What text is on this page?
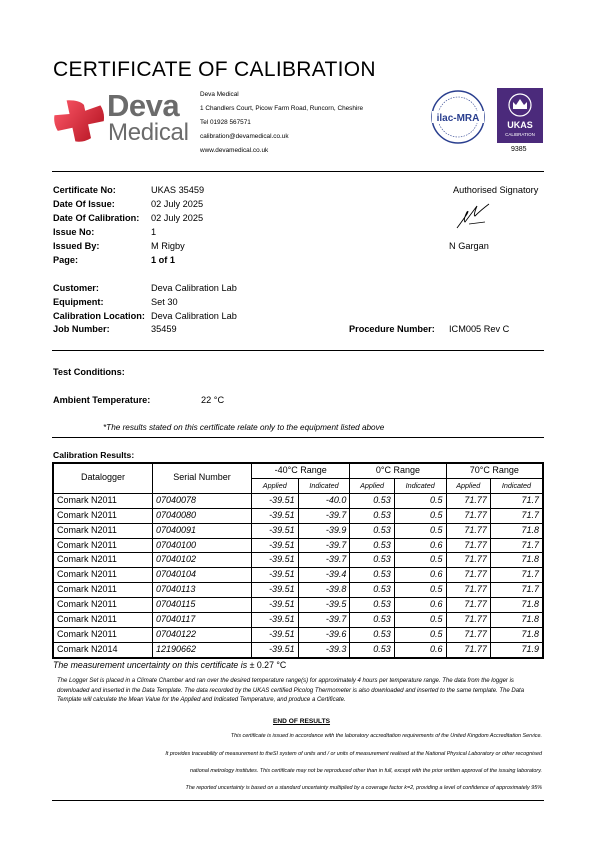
CERTIFICATE OF CALIBRATION
Deva
Medical
Deva Medical
1 Chandlers Court, Picow Farm Road, Runcorn, Cheshire
Tel 01928 567571
calibration@devamedical.co.uk
www.devamedical.co.uk
ilac-MRA
UKAS
CALIBRATION
9385
Certificate No:	UKAS 35459
Date Of Issue:	02 July 2025
Date Of Calibration: 02 July 2025
Issue No:	1
Issued By:	M Rigby
Page:	1 of 1
Authorised Signatory
N Gargan
Customer:	Deva Calibration Lab
Equipment:	Set 30
Calibration Location: Deva Calibration Lab
Job Number:	35459	Procedure Number: ICM005 Rev C
Test Conditions:
Ambient Temperature:	22 °C
*The results stated on this certificate relate only to the equipment listed above
Calibration Results:
Datalogger	Serial Number	-40°C Range		0°C Range		70°C Range	
		Applied	Indicated	Applied	Indicated	Applied	Indicated
Comark N2011	07040078	-39.51	-40.0	0.53	0.5	71.77	71.7
Comark N2011	07040080	-39.51	-39.7	0.53	0.5	71.77	71.7
Comark N2011	07040091	-39.51	-39.9	0.53	0.5	71.77	71.8
Comark N2011	07040100	-39.51	-39.7	0.53	0.6	71.77	71.7
Comark N2011	07040102	-39.51	-39.7	0.53	0.5	71.77	71.8
Comark N2011	07040104	-39.51	-39.4	0.53	0.6	71.77	71.7
Comark N2011	07040113	-39.51	-39.8	0.53	0.5	71.77	71.7
Comark N2011	07040115	-39.51	-39.5	0.53	0.6	71.77	71.8
Comark N2011	07040117	-39.51	-39.7	0.53	0.5	71.77	71.8
Comark N2011	07040122	-39.51	-39.6	0.53	0.5	71.77	71.8
Comark N2014	12190662	-39.51	-39.3	0.53	0.6	71.77	71.9
The measurement uncertainty on this certificate is ± 0.27 °C
The Logger Set is placed in a Climate Chamber and ran over the desired temperature range(s) for approximately 4 hours per temperature range. The data from the logger is downloaded and inserted in the Data Template. The data recorded by the UKAS certified Picolog Thermometer is also downloaded and inserted to the same template. The Data Template will calculate the Mean Value for the Applied and Indicated Temperature, and produce a Certificate.
END OF RESULTS
This certificate is issued in accordance with the laboratory accreditation requirements of the United Kingdom Accreditation Service.
It provides traceability of measurement to theSI system of units and / or units of measurement realised at the National Physical Laboratory or other recognised
national metrology institutes. This certificate may not be reproduced other than in full, except with the prior written approval of the issuing laboratory.
The reported uncertainty is based on a standard uncertainty multiplied by a coverage factor k=2, providing a level of confidence of approximately 95%
